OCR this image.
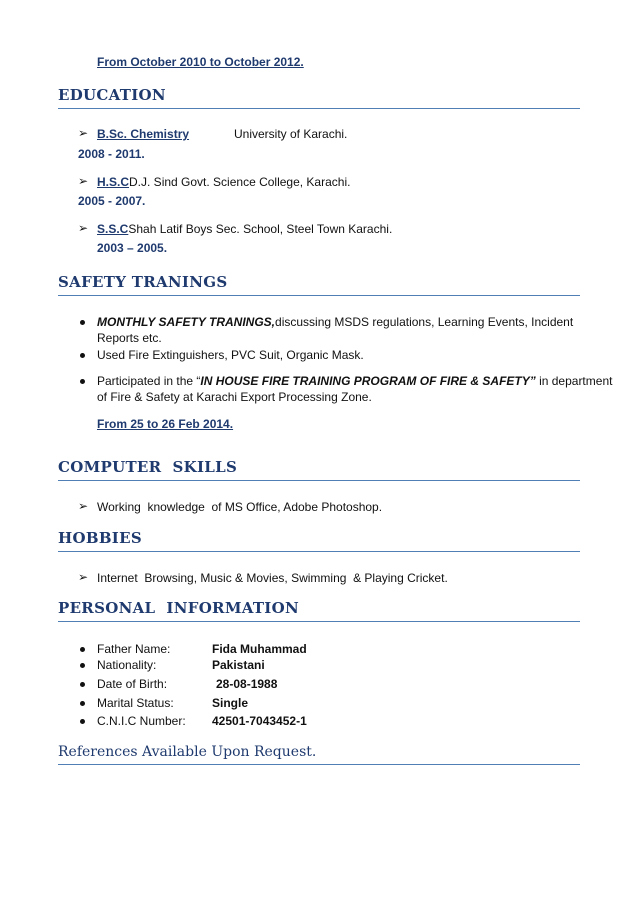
From October 2010 to October 2012.
EDUCATION
➢ B.Sc. Chemistry	University of Karachi.
2008 - 2011.
➢ H.S.CD.J. Sind Govt. Science College, Karachi.
2005 - 2007.
➢ S.S.CShah Latif Boys Sec. School, Steel Town Karachi.
2003 – 2005.
SAFETY TRANINGS
MONTHLY SAFETY TRANINGS,discussing MSDS regulations, Learning Events, Incident
Reports etc.
Used Fire Extinguishers, PVC Suit, Organic Mask.
Participated in the “IN HOUSE FIRE TRAINING PROGRAM OF FIRE & SAFETY” in department
of Fire & Safety at Karachi Export Processing Zone.
From 25 to 26 Feb 2014.
COMPUTER  SKILLS
➢ Working  knowledge  of MS Office, Adobe Photoshop.
HOBBIES
➢ Internet  Browsing, Music & Movies, Swimming  & Playing Cricket.
PERSONAL  INFORMATION
Father Name:	Fida Muhammad
Nationality:	Pakistani
Date of Birth:	28-08-1988
Marital Status:	Single
C.N.I.C Number: 42501-7043452-1
References Available Upon Request.
